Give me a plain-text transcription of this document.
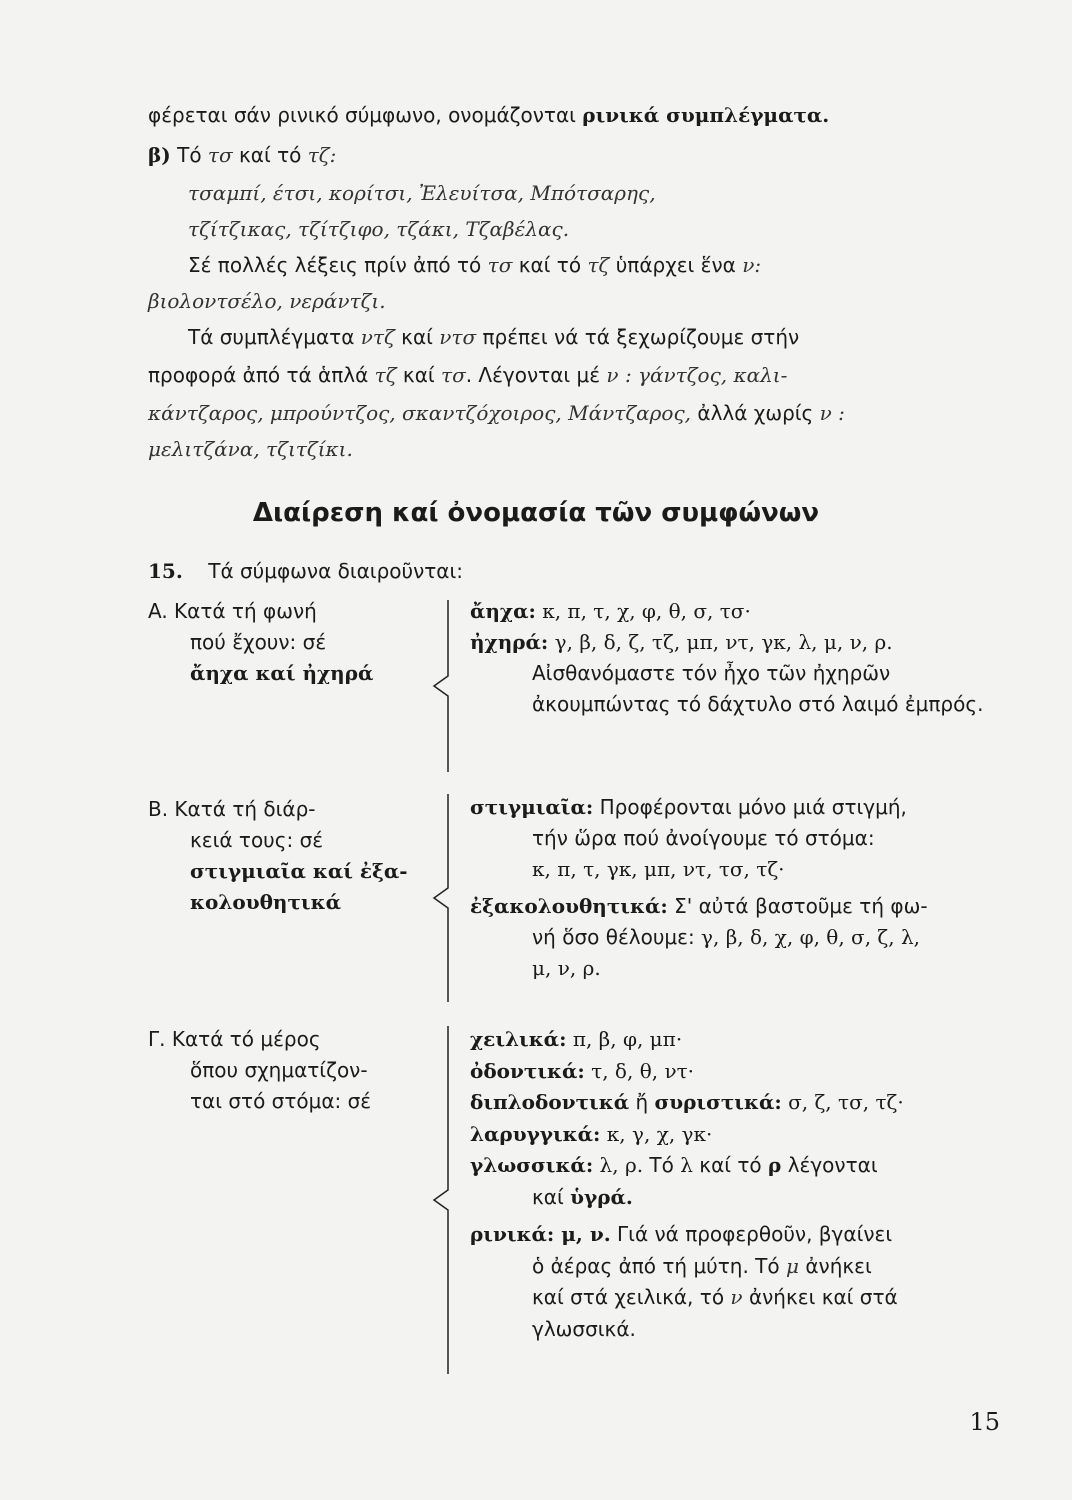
φέρεται σάν ρινικό σύμφωνο, ονομάζονται ρινικά συμπλέγματα.
β) Τό τσ καί τό τζ:
τσαμπί, έτσι, κορίτσι, Ἐλευίτσα, Μπότσαρης,
τζίτζικας, τζίτζιφο, τζάκι, Τζαβέλας.
Σέ πολλές λέξεις πρίν ἀπό τό τσ καί τό τζ ὑπάρχει ἕνα ν:
βιολοντσέλο, νεράντζι.
Τά συμπλέγματα ντζ καί ντσ πρέπει νά τά ξεχωρίζουμε στήν
προφορά ἀπό τά ἁπλά τζ καί τσ. Λέγονται μέ ν : γάντζος, καλι-
κάντζαρος, μπρούντζος, σκαντζόχοιρος, Μάντζαρος, ἀλλά χωρίς ν :
μελιτζάνα, τζιτζίκι.
Διαίρεση καί ὀνομασία τῶν συμφώνων
15. Τά σύμφωνα διαιροῦνται:
A. Κατά τή φωνή
πού ἔχουν: σέ
ἄηχα καί ἠχηρά
ἄηχα: κ, π, τ, χ, φ, θ, σ, τσ·
ἠχηρά: γ, β, δ, ζ, τζ, μπ, ντ, γκ, λ, μ, ν, ρ.
Αἰσθανόμαστε τόν ἦχο τῶν ἠχηρῶν ἀκουμπώντας τό δάχτυλο στό λαιμό ἐμπρός.
B. Κατά τή διάρ-
κειά τους: σέ
στιγμιαῖα καί ἐξα-
κολουθητικά
στιγμιαῖα: Προφέρονται μόνο μιά στιγμή,
τήν ὥρα πού ἀνοίγουμε τό στόμα:
κ, π, τ, γκ, μπ, ντ, τσ, τζ·
ἐξακολουθητικά: Σ' αὐτά βαστοῦμε τή φω-
νή ὅσο θέλουμε: γ, β, δ, χ, φ, θ, σ, ζ, λ,
μ, ν, ρ.
Γ. Κατά τό μέρος
ὅπου σχηματίζον-
ται στό στόμα: σέ
χειλικά: π, β, φ, μπ·
ὀδοντικά: τ, δ, θ, ντ·
διπλοδοντικά ἤ συριστικά: σ, ζ, τσ, τζ·
λαρυγγικά: κ, γ, χ, γκ·
γλωσσικά: λ, ρ. Τό λ καί τό ρ λέγονται
καί ὑγρά.
ρινικά: μ, ν. Γιά νά προφερθοῦν, βγαίνει
ὁ ἀέρας ἀπό τή μύτη. Τό μ ἀνήκει
καί στά χειλικά, τό ν ἀνήκει καί στά
γλωσσικά.
15
